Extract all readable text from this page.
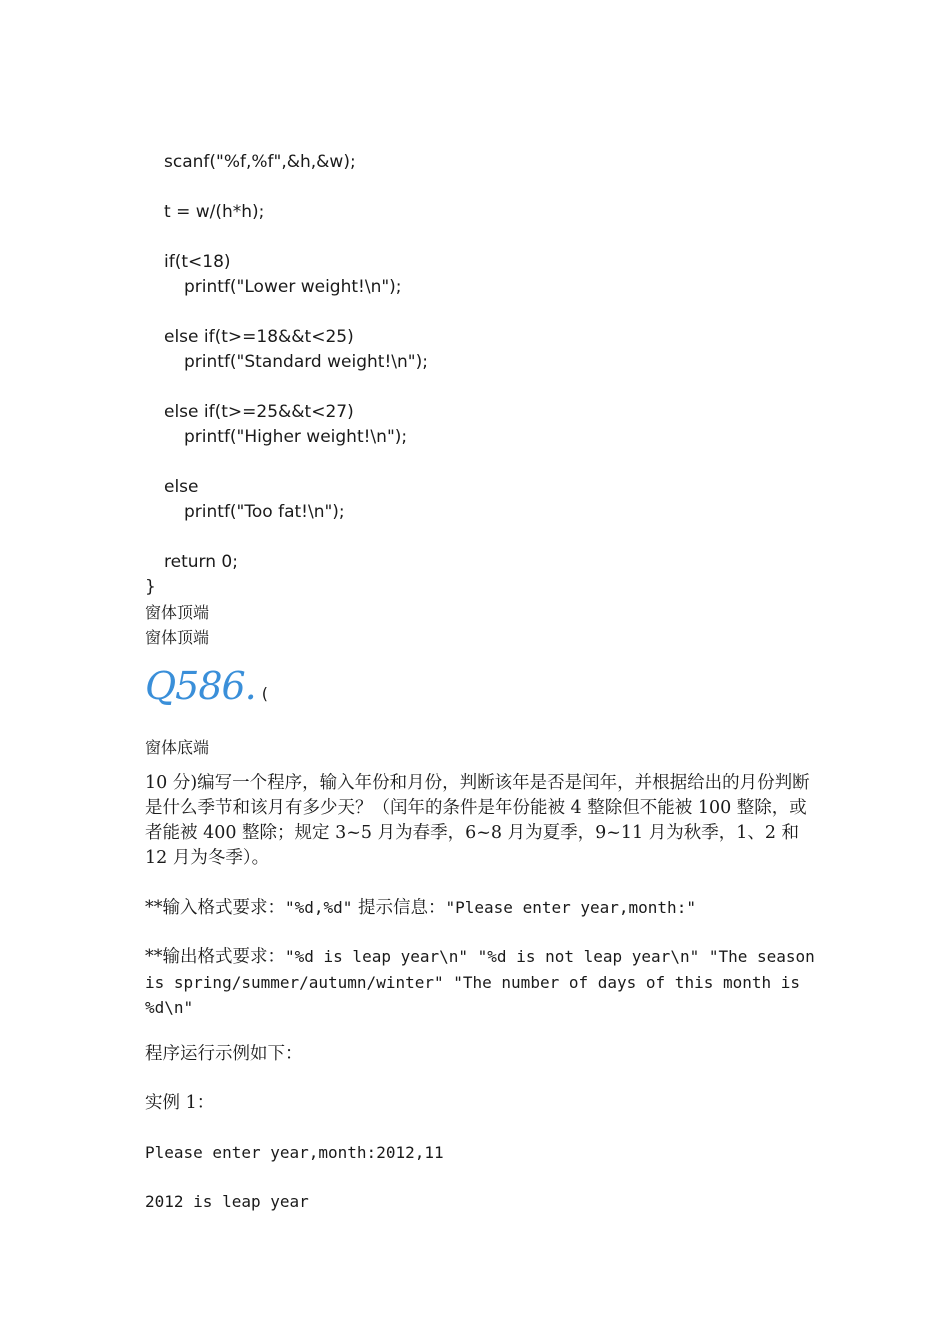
scanf("%f,%f",&h,&w);
t = w/(h*h);
if(t<18)
printf("Lower weight!\n");
else if(t>=18&&t<25)
printf("Standard weight!\n");
else if(t>=25&&t<27)
printf("Higher weight!\n");
else
printf("Too fat!\n");
return 0;
}
窗体顶端
窗体顶端
Q586. (
窗体底端
10 分)编写一个程序，输入年份和月份，判断该年是否是闰年，并根据给出的月份判断是什么季节和该月有多少天？（闰年的条件是年份能被 4 整除但不能被 100 整除，或者能被 400 整除；规定 3~5 月为春季，6~8 月为夏季，9~11 月为秋季，1、2 和 12 月为冬季）。
**输入格式要求："%d,%d" 提示信息："Please enter year,month:"
**输出格式要求："%d is leap year\n" "%d is not leap year\n" "The season is spring/summer/autumn/winter" "The number of days of this month is %d\n"
程序运行示例如下：
实例 1：
Please enter year,month:2012,11
2012 is leap year
